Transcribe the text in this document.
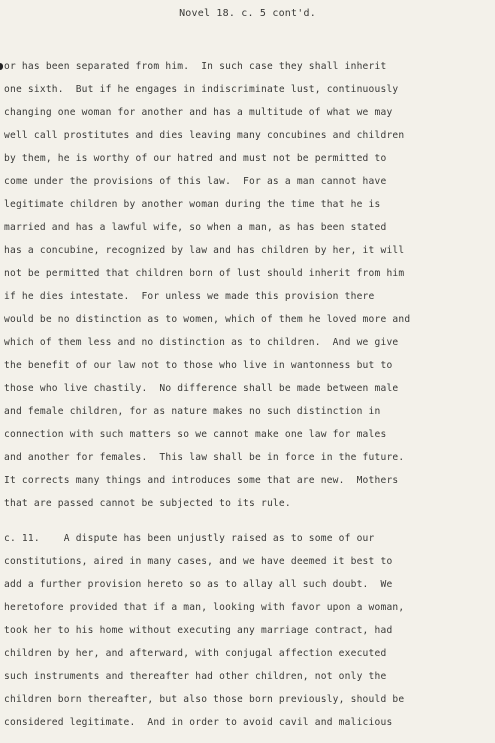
Novel 18. c. 5 cont'd.
or has been separated from him.  In such case they shall inherit
one sixth.  But if he engages in indiscriminate lust, continuously
changing one woman for another and has a multitude of what we may
well call prostitutes and dies leaving many concubines and children
by them, he is worthy of our hatred and must not be permitted to
come under the provisions of this law.  For as a man cannot have
legitimate children by another woman during the time that he is
married and has a lawful wife, so when a man, as has been stated
has a concubine, recognized by law and has children by her, it will
not be permitted that children born of lust should inherit from him
if he dies intestate.  For unless we made this provision there
would be no distinction as to women, which of them he loved more and
which of them less and no distinction as to children.  And we give
the benefit of our law not to those who live in wantonness but to
those who live chastily.  No difference shall be made between male
and female children, for as nature makes no such distinction in
connection with such matters so we cannot make one law for males
and another for females.  This law shall be in force in the future.
It corrects many things and introduces some that are new.  Mothers
that are passed cannot be subjected to its rule.
c. 11.    A dispute has been unjustly raised as to some of our
constitutions, aired in many cases, and we have deemed it best to
add a further provision hereto so as to allay all such doubt.  We
heretofore provided that if a man, looking with favor upon a woman,
took her to his home without executing any marriage contract, had
children by her, and afterward, with conjugal affection executed
such instruments and thereafter had other children, not only the
children born thereafter, but also those born previously, should be
considered legitimate.  And in order to avoid cavil and malicious
